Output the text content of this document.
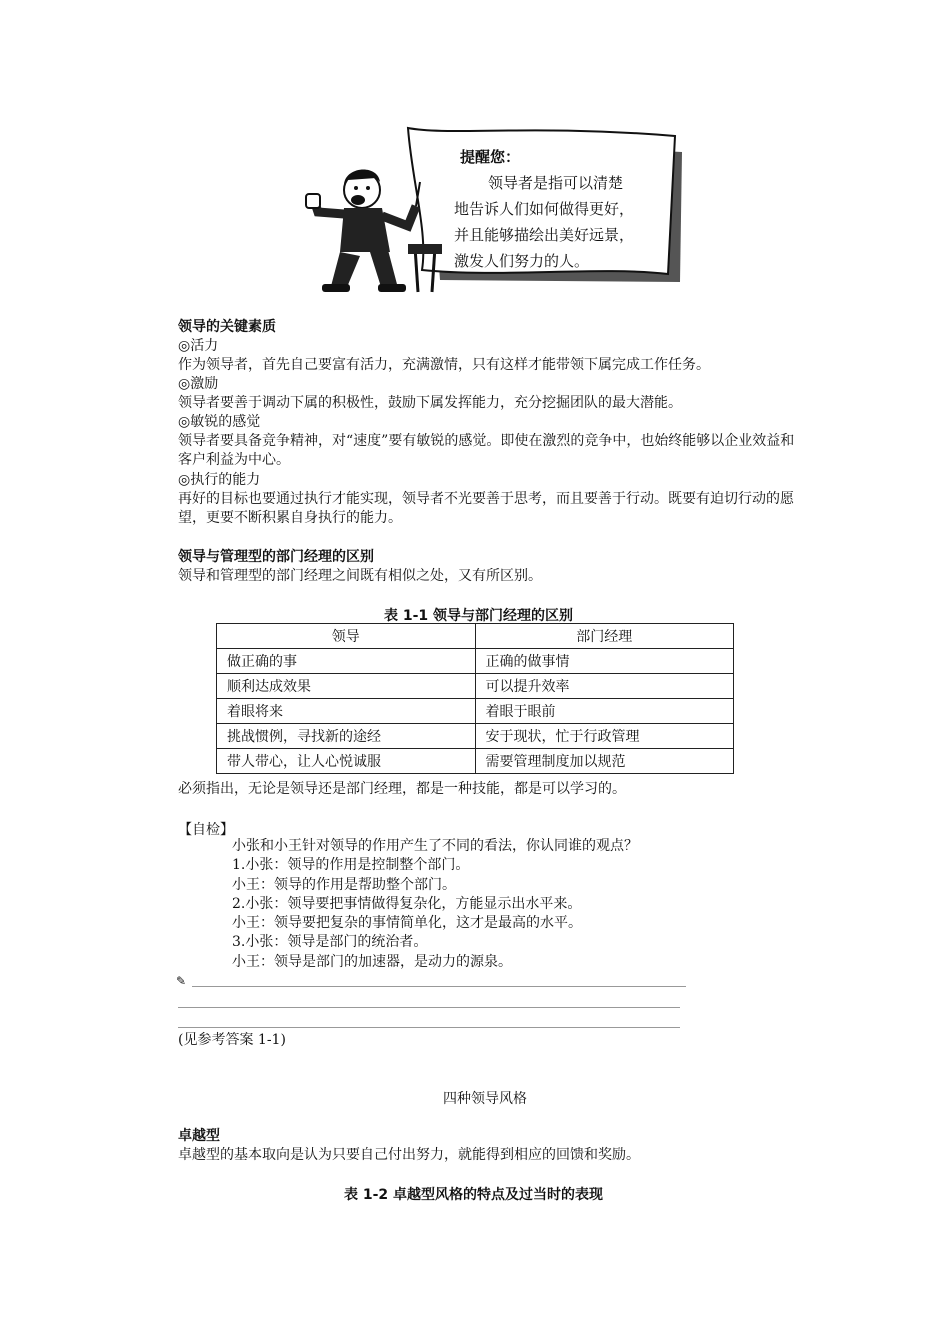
提醒您：
领导者是指可以清楚
地告诉人们如何做得更好，
并且能够描绘出美好远景，
激发人们努力的人。
领导的关键素质
◎活力
作为领导者，首先自己要富有活力，充满激情，只有这样才能带领下属完成工作任务。
◎激励
领导者要善于调动下属的积极性，鼓励下属发挥能力，充分挖掘团队的最大潜能。
◎敏锐的感觉
领导者要具备竞争精神，对“速度”要有敏锐的感觉。即使在激烈的竞争中，也始终能够以企业效益和客户利益为中心。
◎执行的能力
再好的目标也要通过执行才能实现，领导者不光要善于思考，而且要善于行动。既要有迫切行动的愿望，更要不断积累自身执行的能力。
领导与管理型的部门经理的区别
领导和管理型的部门经理之间既有相似之处，又有所区别。
表 1-1 领导与部门经理的区别
领导	部门经理
做正确的事	正确的做事情
顺利达成效果	可以提升效率
着眼将来	着眼于眼前
挑战惯例，寻找新的途经	安于现状，忙于行政管理
带人带心，让人心悦诚服	需要管理制度加以规范
必须指出，无论是领导还是部门经理，都是一种技能，都是可以学习的。
【自检】
小张和小王针对领导的作用产生了不同的看法，你认同谁的观点？
1.小张：领导的作用是控制整个部门。
小王：领导的作用是帮助整个部门。
2.小张：领导要把事情做得复杂化，方能显示出水平来。
小王：领导要把复杂的事情简单化，这才是最高的水平。
3.小张：领导是部门的统治者。
小王：领导是部门的加速器，是动力的源泉。
✎
(见参考答案 1-1)
四种领导风格
卓越型
卓越型的基本取向是认为只要自己付出努力，就能得到相应的回馈和奖励。
表 1-2 卓越型风格的特点及过当时的表现
